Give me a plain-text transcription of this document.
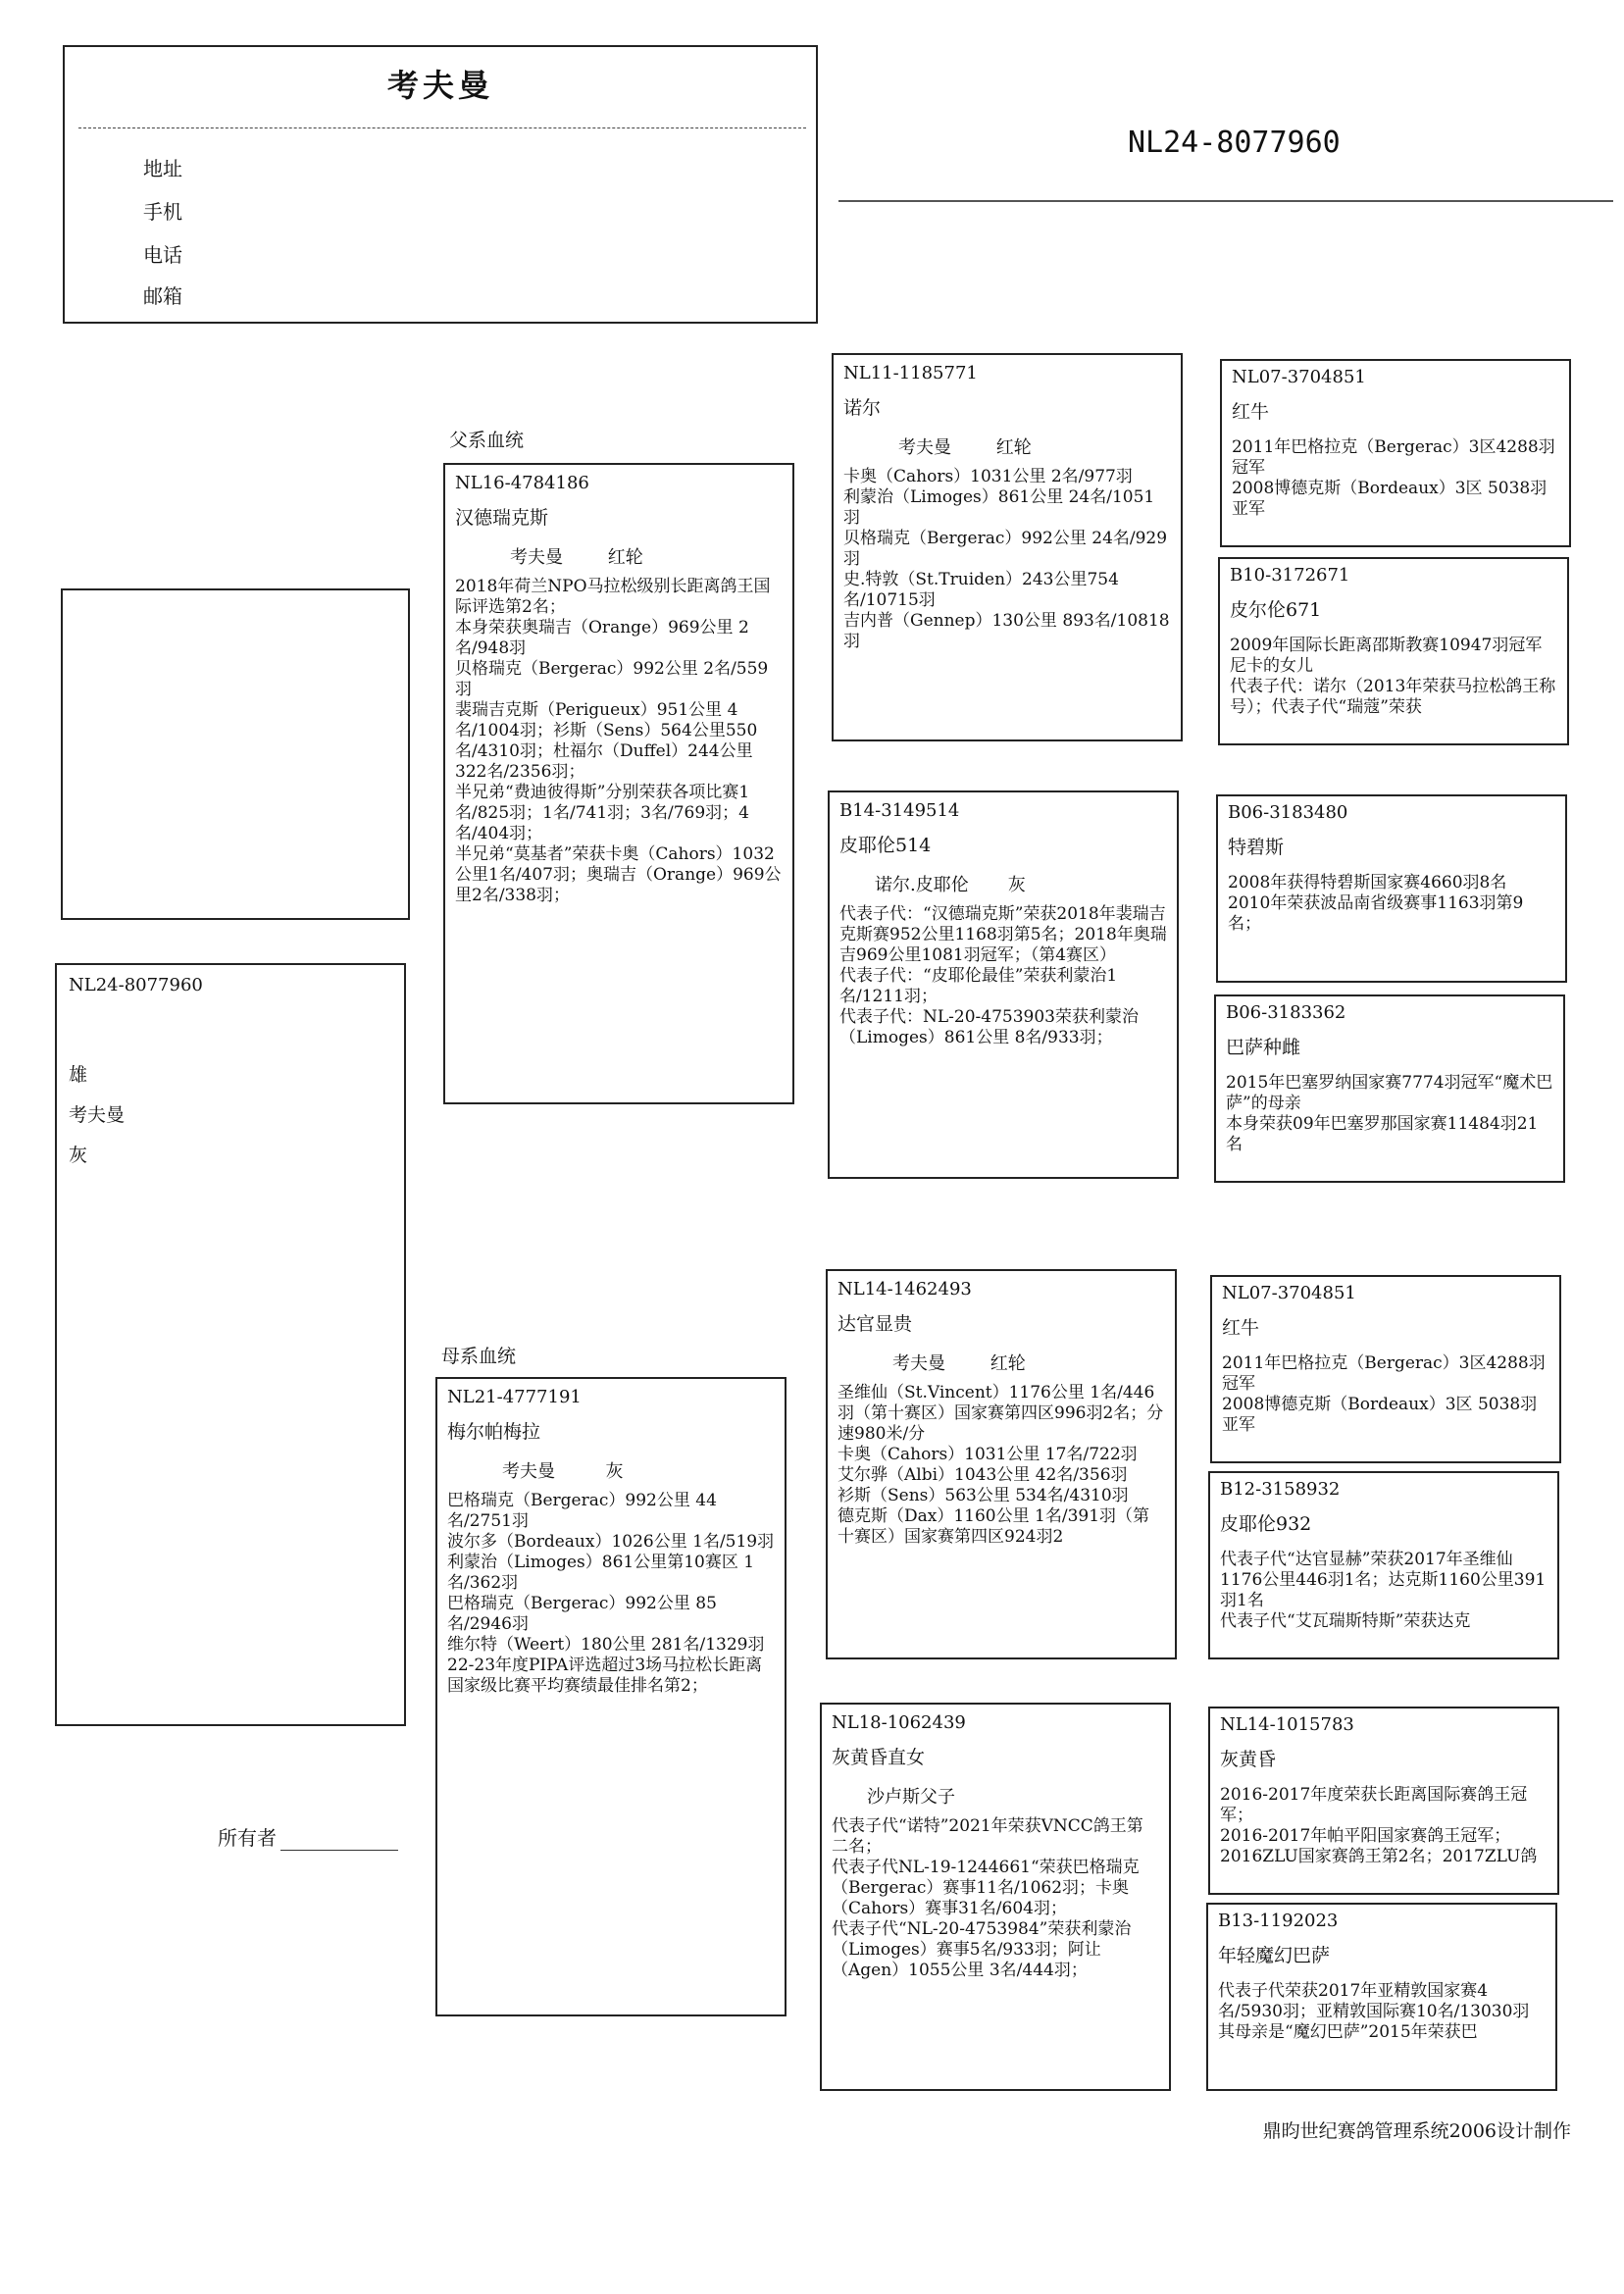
考夫曼
地址
手机
电话
邮箱
NL24-8077960
NL24-8077960
雄
考夫曼
灰
所有者
父系血统
母系血统
NL16-4784186
汉德瑞克斯
考夫曼        红轮
2018年荷兰NPO马拉松级别长距离鸽王国际评选第2名；
本身荣获奥瑞吉（Orange）969公里 2名/948羽
贝格瑞克（Bergerac）992公里 2名/559羽
裴瑞吉克斯（Perigueux）951公里 4名/1004羽；衫斯（Sens）564公里550名/4310羽；杜福尔（Duffel）244公里322名/2356羽；
半兄弟“费迪彼得斯”分别荣获各项比赛1名/825羽；1名/741羽；3名/769羽；4名/404羽；
半兄弟“莫基者”荣获卡奥（Cahors）1032公里1名/407羽；奥瑞吉（Orange）969公里2名/338羽；
NL21-4777191
梅尔帕梅拉
考夫曼         灰
巴格瑞克（Bergerac）992公里 44名/2751羽
波尔多（Bordeaux）1026公里 1名/519羽
利蒙治（Limoges）861公里第10赛区 1名/362羽
巴格瑞克（Bergerac）992公里 85名/2946羽
维尔特（Weert）180公里 281名/1329羽
22-23年度PIPA评选超过3场马拉松长距离国家级比赛平均赛绩最佳排名第2；
NL11-1185771
诺尔
考夫曼        红轮
卡奥（Cahors）1031公里 2名/977羽
利蒙治（Limoges）861公里 24名/1051羽
贝格瑞克（Bergerac）992公里 24名/929羽
史.特敦（St.Truiden）243公里754名/10715羽
吉内普（Gennep）130公里 893名/10818羽
B14-3149514
皮耶伦514
诺尔.皮耶伦       灰
代表子代：“汉德瑞克斯”荣获2018年裴瑞吉克斯赛952公里1168羽第5名；2018年奥瑞吉969公里1081羽冠军；（第4赛区）
代表子代：“皮耶伦最佳”荣获利蒙治1名/1211羽；
代表子代：NL-20-4753903荣获利蒙治（Limoges）861公里 8名/933羽；
NL14-1462493
达官显贵
考夫曼        红轮
圣维仙（St.Vincent）1176公里 1名/446羽（第十赛区）国家赛第四区996羽2名；分速980米/分
卡奥（Cahors）1031公里 17名/722羽
艾尔骅（Albi）1043公里 42名/356羽
衫斯（Sens）563公里 534名/4310羽
德克斯（Dax）1160公里 1名/391羽（第十赛区）国家赛第四区924羽2
NL18-1062439
灰黄昏直女
沙卢斯父子
代表子代“诺特”2021年荣获VNCC鸽王第二名；
代表子代NL-19-1244661“荣获巴格瑞克（Bergerac）赛事11名/1062羽；卡奥（Cahors）赛事31名/604羽；
代表子代“NL-20-4753984”荣获利蒙治（Limoges）赛事5名/933羽；阿让（Agen）1055公里 3名/444羽；
NL07-3704851
红牛
2011年巴格拉克（Bergerac）3区4288羽冠军
2008博德克斯（Bordeaux）3区 5038羽 亚军
B10-3172671
皮尔伦671
2009年国际长距离邵斯教赛10947羽冠军尼卡的女儿
代表子代：诺尔（2013年荣获马拉松鸽王称号）；代表子代“瑞蔻”荣获
B06-3183480
特碧斯
2008年获得特碧斯国家赛4660羽8名
2010年荣获波品南省级赛事1163羽第9名；
B06-3183362
巴萨种雌
2015年巴塞罗纳国家赛7774羽冠军“魔术巴萨”的母亲
本身荣获09年巴塞罗那国家赛11484羽21名
NL07-3704851
红牛
2011年巴格拉克（Bergerac）3区4288羽冠军
2008博德克斯（Bordeaux）3区 5038羽 亚军
B12-3158932
皮耶伦932
代表子代“达官显赫”荣获2017年圣维仙1176公里446羽1名；达克斯1160公里391羽1名
代表子代“艾瓦瑞斯特斯”荣获达克
NL14-1015783
灰黄昏
2016-2017年度荣获长距离国际赛鸽王冠军；
2016-2017年帕平阳国家赛鸽王冠军；2016ZLU国家赛鸽王第2名；2017ZLU鸽
B13-1192023
年轻魔幻巴萨
代表子代荣获2017年亚精敦国家赛4名/5930羽；亚精敦国际赛10名/13030羽
其母亲是“魔幻巴萨”2015年荣获巴
鼎昀世纪赛鸽管理系统2006设计制作
